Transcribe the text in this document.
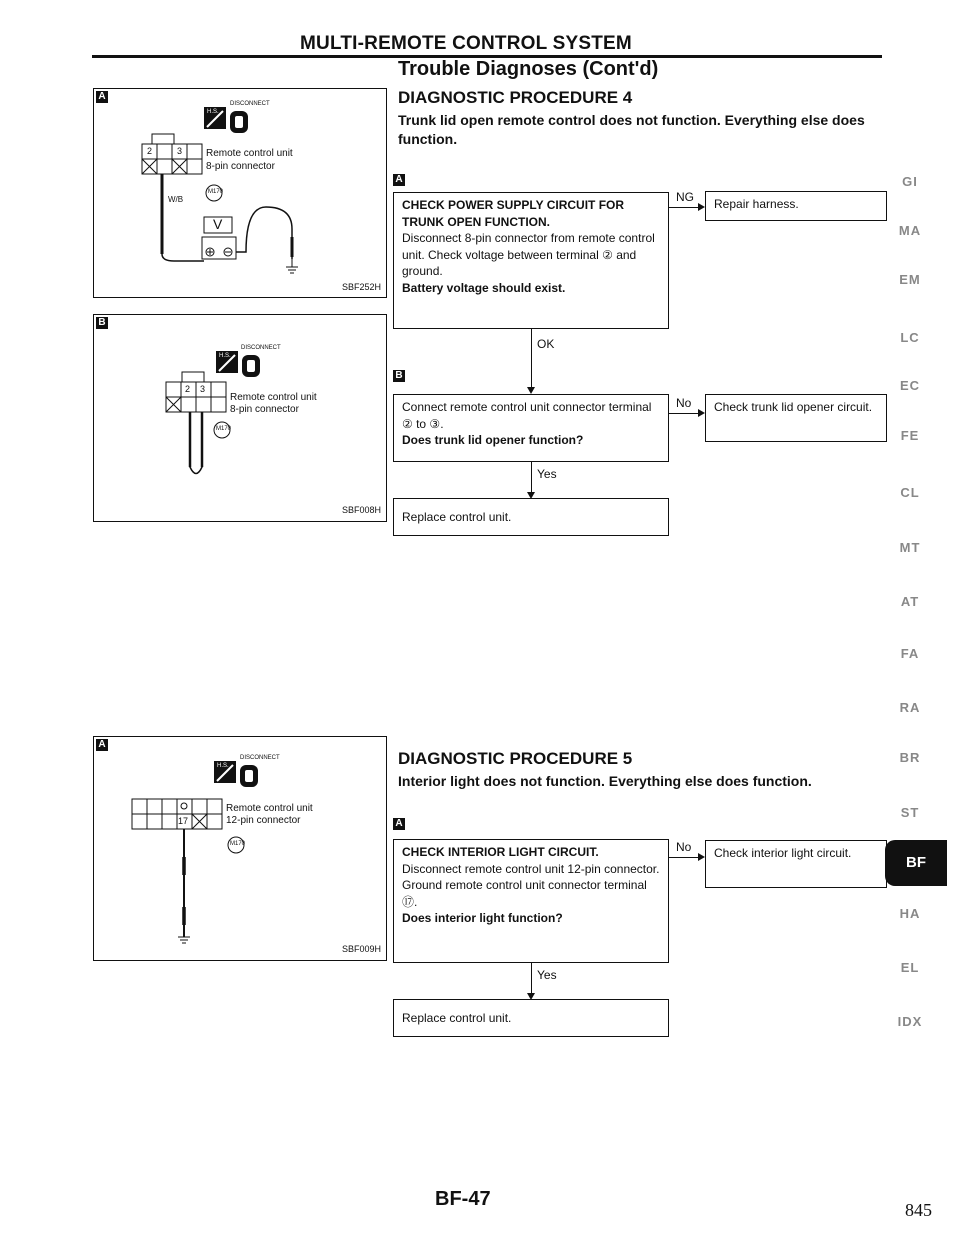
MULTI-REMOTE CONTROL SYSTEM
Trouble Diagnoses (Cont'd)
DIAGNOSTIC PROCEDURE 4
Trunk lid open remote control does not function. Everything else does function.
A
CHECK POWER SUPPLY CIRCUIT FOR TRUNK OPEN FUNCTION.
Disconnect 8-pin connector from remote control unit. Check voltage between terminal ② and ground.
Battery voltage should exist.
NG Repair harness.
OK
B
Connect remote control unit connector terminal ② to ③.
Does trunk lid opener function?
No Check trunk lid opener circuit.
Yes
Replace control unit.
DIAGNOSTIC PROCEDURE 5
Interior light does not function. Everything else does function.
A
CHECK INTERIOR LIGHT CIRCUIT.
Disconnect remote control unit 12-pin connector. Ground remote control unit connector terminal ⑰.
Does interior light function?
No Check interior light circuit.
Yes
Replace control unit.
A
H.S.
DISCONNECT
Remote control unit
8-pin connector
M170
W/B
V
2	3
SBF252H
B
H.S.
DISCONNECT
Remote control unit
8-pin connector
M170
2 3
SBF008H
A
H.S.
DISCONNECT
Remote control unit
12-pin connector
M170
17
SBF009H
GI
MA
EM
LC
EC
FE
CL
MT
AT
FA
RA
BR
ST
BF
HA
EL
IDX
BF-47	845
